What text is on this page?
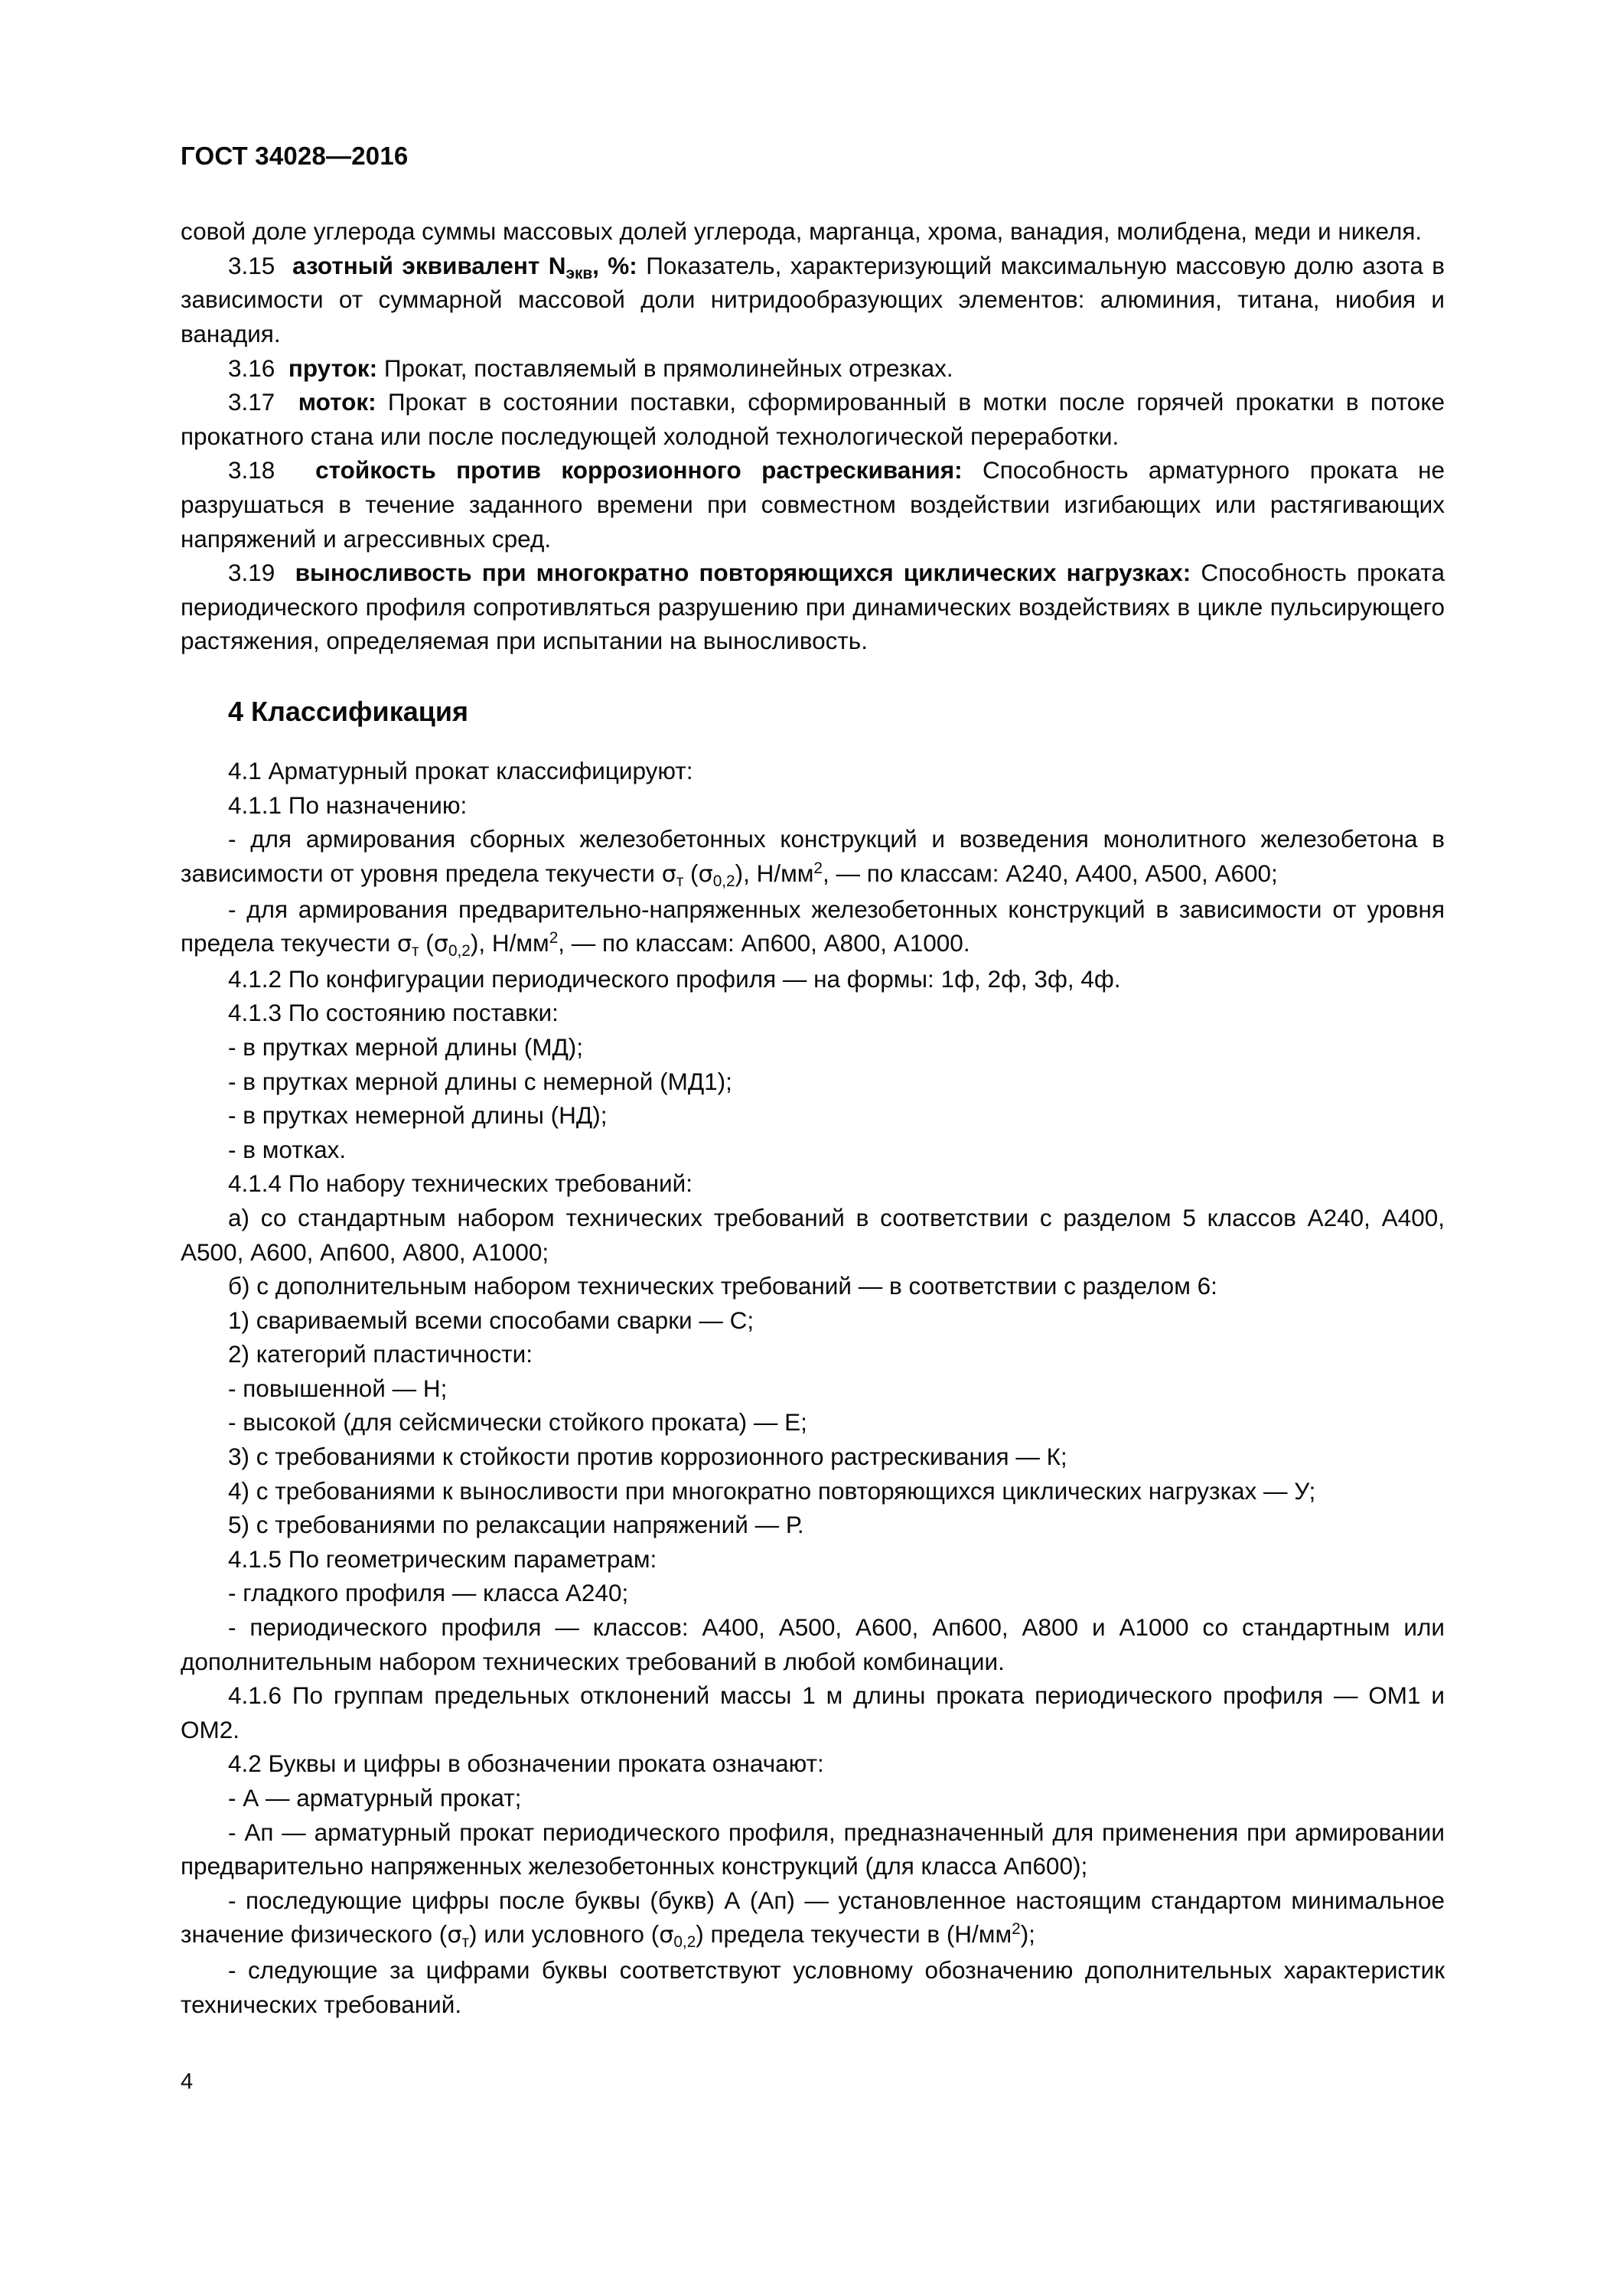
ГОСТ 34028—2016

совой доле углерода суммы массовых долей углерода, марганца, хрома, ванадия, молибдена, меди и никеля.

3.15 азотный эквивалент $N_{экв}$, %: Показатель, характеризующий максимальную массовую долю азота в зависимости от суммарной массовой доли нитридообразующих элементов: алюминия, титана, ниобия и ванадия.

3.16 пруток: Прокат, поставляемый в прямолинейных отрезках.

3.17 моток: Прокат в состоянии поставки, сформированный в мотки после горячей прокатки в потоке прокатного стана или после последующей холодной технологической переработки.

3.18 стойкость против коррозионного растрескивания: Способность арматурного проката не разрушаться в течение заданного времени при совместном воздействии изгибающих или растягивающих напряжений и агрессивных сред.

3.19 выносливость при многократно повторяющихся циклических нагрузках: Способность проката периодического профиля сопротивляться разрушению при динамических воздействиях в цикле пульсирующего растяжения, определяемая при испытании на выносливость.

4 Классификация

4.1 Арматурный прокат классифицируют:

4.1.1 По назначению:

- для армирования сборных железобетонных конструкций и возведения монолитного железобетона в зависимости от уровня предела текучести $\sigma_т$ $(\sigma_{0,2})$, $Н/мм^2$, — по классам: А240, А400, А500, А600;

- для армирования предварительно-напряженных железобетонных конструкций в зависимости от уровня предела текучести $\sigma_т$ $(\sigma_{0,2})$, $Н/мм^2$, — по классам: Ап600, А800, А1000.

4.1.2 По конфигурации периодического профиля — на формы: 1ф, 2ф, 3ф, 4ф.

4.1.3 По состоянию поставки:

- в прутках мерной длины (МД);

- в прутках мерной длины с немерной (МД1);

- в прутках немерной длины (НД);

- в мотках.

4.1.4 По набору технических требований:

а) со стандартным набором технических требований в соответствии с разделом 5 классов А240, А400, А500, А600, Ап600, А800, А1000;

б) с дополнительным набором технических требований — в соответствии с разделом 6:

1) свариваемый всеми способами сварки — С;

2) категорий пластичности:

- повышенной — Н;

- высокой (для сейсмически стойкого проката) — Е;

3) с требованиями к стойкости против коррозионного растрескивания — К;

4) с требованиями к выносливости при многократно повторяющихся циклических нагрузках — У;

5) с требованиями по релаксации напряжений — Р.

4.1.5 По геометрическим параметрам:

- гладкого профиля — класса А240;

- периодического профиля — классов: А400, А500, А600, Ап600, А800 и А1000 со стандартным или дополнительным набором технических требований в любой комбинации.

4.1.6 По группам предельных отклонений массы 1 м длины проката периодического профиля — ОМ1 и ОМ2.

4.2 Буквы и цифры в обозначении проката означают:

- А — арматурный прокат;

- Ап — арматурный прокат периодического профиля, предназначенный для применения при армировании предварительно напряженных железобетонных конструкций (для класса Ап600);

- последующие цифры после буквы (букв) А (Ап) — установленное настоящим стандартом минимальное значение физического $(\sigma_т)$ или условного $(\sigma_{0,2})$ предела текучести в $(Н/мм^2)$;

- следующие за цифрами буквы соответствуют условному обозначению дополнительных характеристик технических требований.

4
